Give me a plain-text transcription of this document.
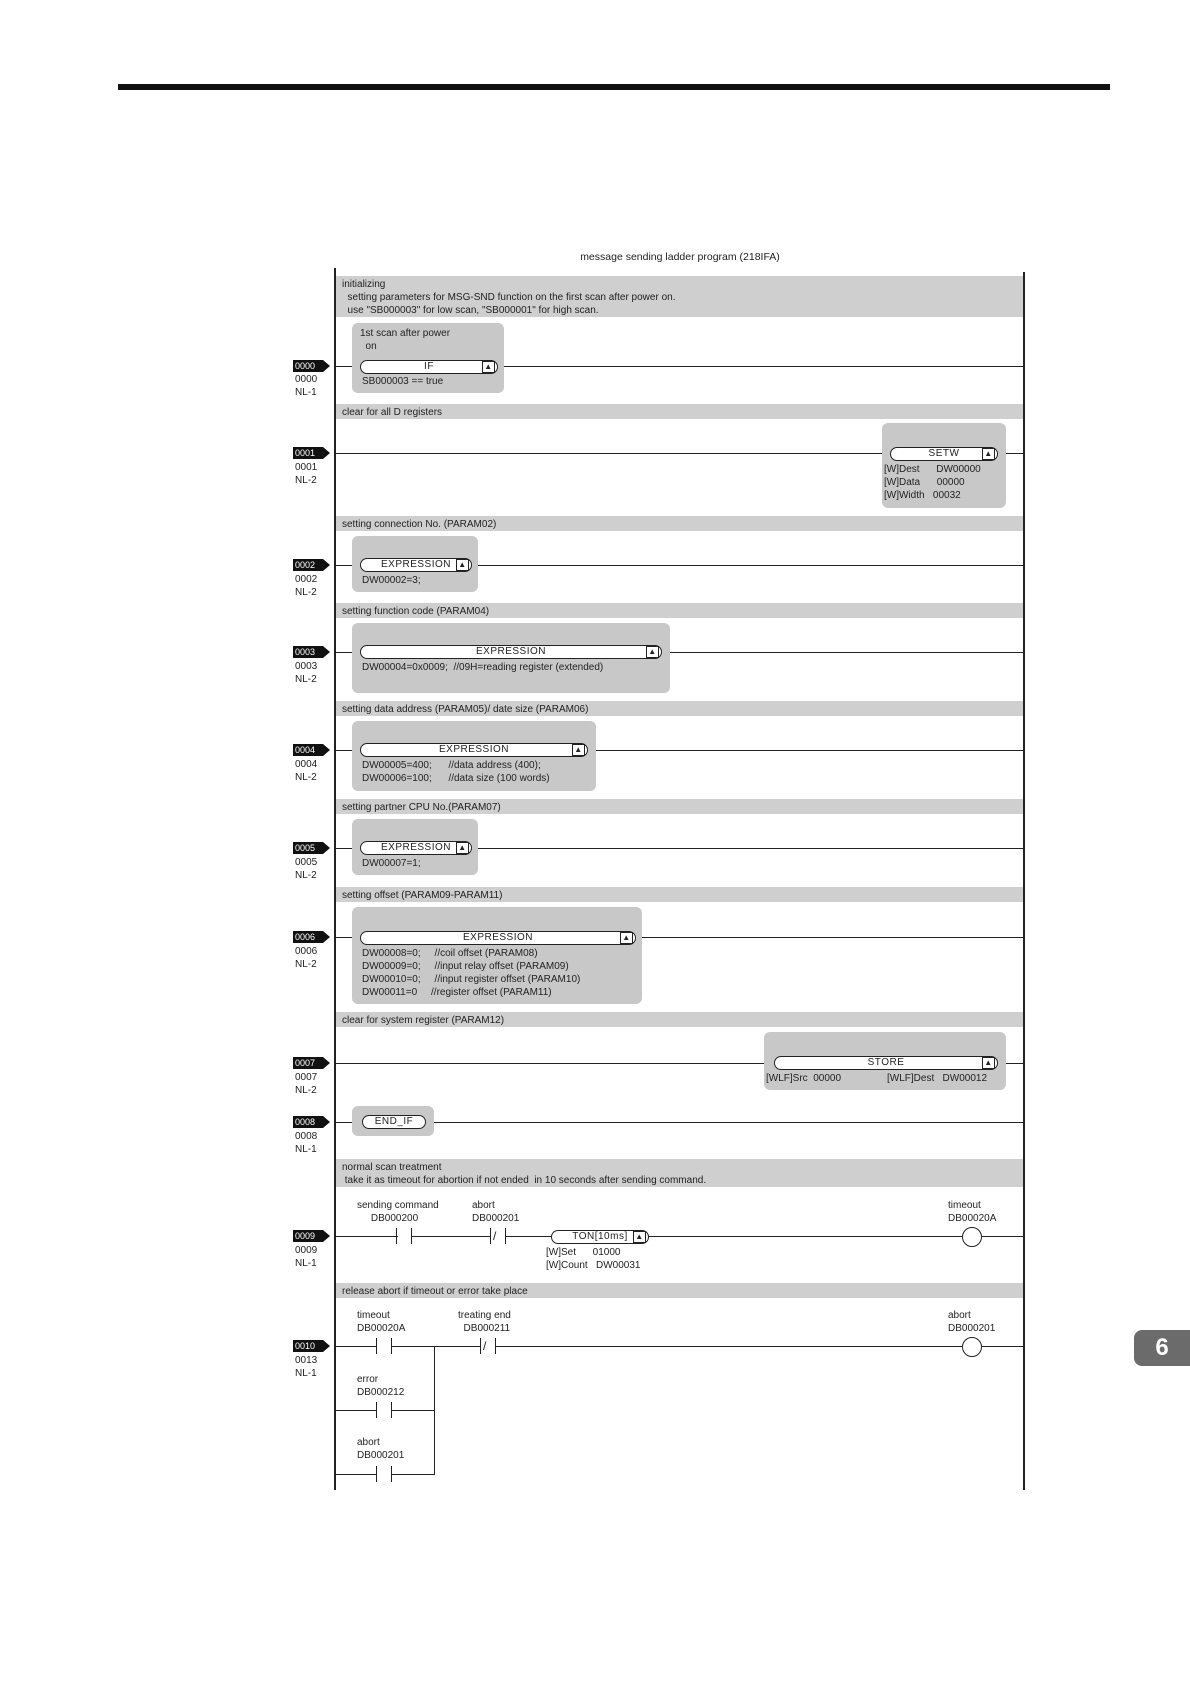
6
message sending ladder program (218IFA)
initializing
setting parameters for MSG-SND function on the first scan after power on.
use "SB000003" for low scan, "SB000001" for high scan.
clear for all D registers
setting connection No. (PARAM02)
setting function code (PARAM04)
setting data address (PARAM05)/ date size (PARAM06)
setting partner CPU No.(PARAM07)
setting offset (PARAM09-PARAM11)
clear for system register (PARAM12)
normal scan treatment
take it as timeout for abortion if not ended  in 10 seconds after sending command.
release abort if timeout or error take place
0000
0000
NL-1
0001
0001
NL-2
0002
0002
NL-2
0003
0003
NL-2
0004
0004
NL-2
0005
0005
NL-2
0006
0006
NL-2
0007
0007
NL-2
0008
0008
NL-1
0009
0009
NL-1
0010
0013
NL-1
1st scan after power
on
IF	▲
SB000003 == true
SETW	▲
[W]Dest      DW00000
[W]Data      00000
[W]Width   00032
EXPRESSION ▲
DW00002=3;
EXPRESSION	▲
DW00004=0x0009;  //09H=reading register (extended)
EXPRESSION	▲
DW00005=400;      //data address (400);
DW00006=100;      //data size (100 words)
EXPRESSION ▲
DW00007=1;
EXPRESSION	▲
DW00008=0;     //coil offset (PARAM08)
DW00009=0;     //input relay offset (PARAM09)
DW00010=0;     //input register offset (PARAM10)
DW00011=0     //register offset (PARAM11)
STORE	▲
[WLF]Src  00000	[WLF]Dest   DW00012
END_IF
sending command
DB000200
abort
DB000201
timeout
DB00020A
/	TON[10ms] ▲
[W]Set      01000
[W]Count   DW00031
timeout
DB00020A
treating end
DB000211
abort
DB000201
/
error
DB000212
abort
DB000201
